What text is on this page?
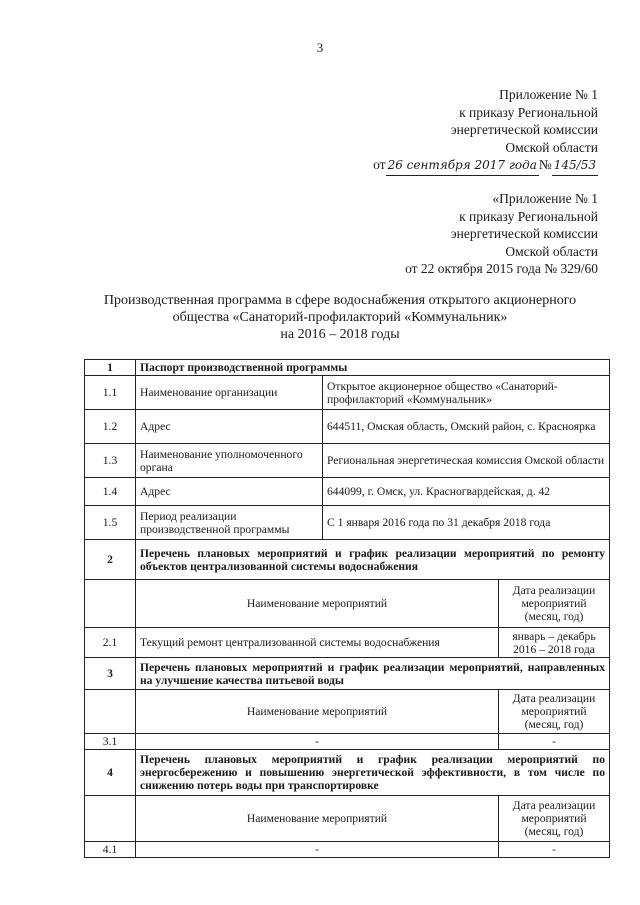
3
Приложение № 1
к приказу Региональной
энергетической комиссии
Омской области
от 26 сентября 2017 года № 145/53
«Приложение № 1
к приказу Региональной
энергетической комиссии
Омской области
от 22 октября 2015 года № 329/60
Производственная программа в сфере водоснабжения открытого акционерного
общества «Санаторий-профилакторий «Коммунальник»
на 2016 – 2018 годы
1	Паспорт производственной программы		
1.1	Наименование организации	Открытое акционерное общество «Санаторий-профилакторий «Коммунальник»	
1.2	Адрес	644511, Омская область, Омский район, с. Красноярка	
1.3	Наименование уполномоченного органа	Региональная энергетическая комиссия Омской области	
1.4	Адрес	644099, г. Омск, ул. Красногвардейская, д. 42	
1.5	Период реализации производственной программы	С 1 января 2016 года по 31 декабря 2018 года	
2	Перечень плановых мероприятий и график реализации мероприятий по ремонту объектов централизованной системы водоснабжения		
	Наименование мероприятий		Дата реализации мероприятий (месяц, год)
2.1	Текущий ремонт централизованной системы водоснабжения		январь – декабрь 2016 – 2018 года
3	Перечень плановых мероприятий и график реализации мероприятий, направленных на улучшение качества питьевой воды		
	Наименование мероприятий		Дата реализации мероприятий (месяц, год)
3.1	-		-
4	Перечень плановых мероприятий и график реализации мероприятий по энергосбережению и повышению энергетической эффективности, в том числе по снижению потерь воды при транспортировке		
	Наименование мероприятий		Дата реализации мероприятий (месяц, год)
4.1	-		-
